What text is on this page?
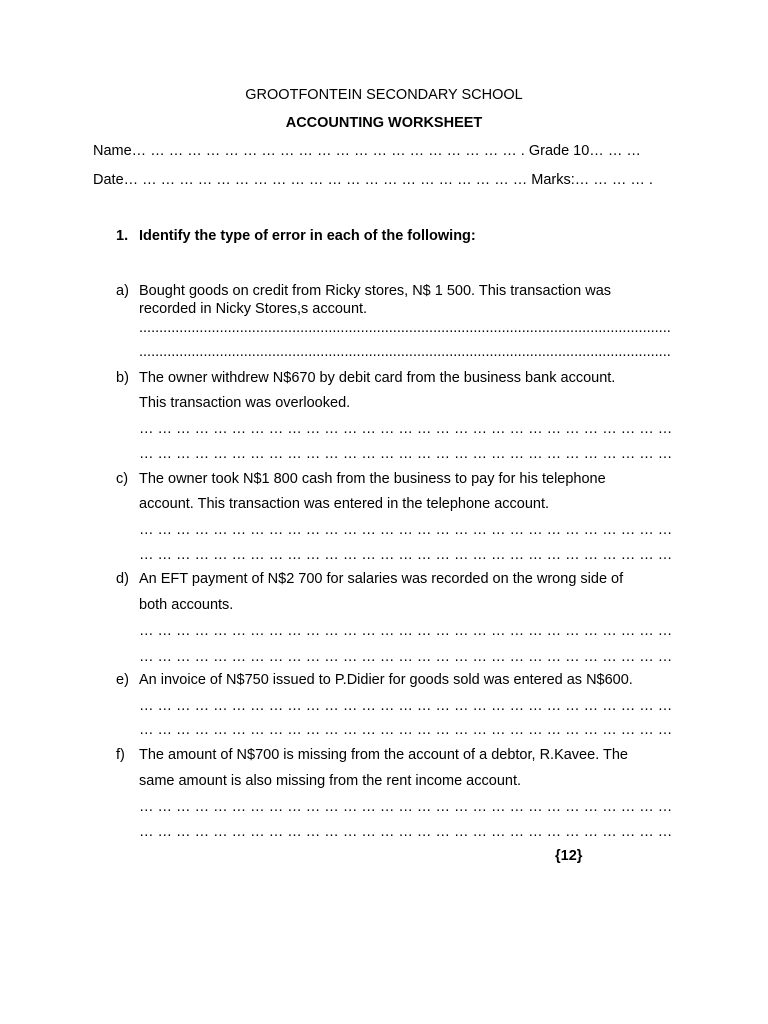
GROOTFONTEIN SECONDARY SCHOOL
ACCOUNTING WORKSHEET
Name… … … … … … … … … … … … … … … … … … … … … . Grade 10… … …
Date… … … … … … … … … … … … … … … … … … … … … … Marks:… … … … .
1. Identify the type of error in each of the following:
a) Bought goods on credit from Ricky stores, N$ 1 500. This transaction was
recorded in Nicky Stores,s account.
....................................................................................................................................
....................................................................................................................................
b) The owner withdrew N$670 by debit card from the business bank account.
This transaction was overlooked.
… … … … … … … … … … … … … … … … … … … … … … … … … … … … …
… … … … … … … … … … … … … … … … … … … … … … … … … … … … …
c) The owner took N$1 800 cash from the business to pay for his telephone
account. This transaction was entered in the telephone account.
… … … … … … … … … … … … … … … … … … … … … … … … … … … … …
… … … … … … … … … … … … … … … … … … … … … … … … … … … … …
d) An EFT payment of N$2 700 for salaries was recorded on the wrong side of
both accounts.
… … … … … … … … … … … … … … … … … … … … … … … … … … … … …
… … … … … … … … … … … … … … … … … … … … … … … … … … … … …
e) An invoice of N$750 issued to P.Didier for goods sold was entered as N$600.
… … … … … … … … … … … … … … … … … … … … … … … … … … … … …
… … … … … … … … … … … … … … … … … … … … … … … … … … … … …
f) The amount of N$700 is missing from the account of a debtor, R.Kavee. The
same amount is also missing from the rent income account.
… … … … … … … … … … … … … … … … … … … … … … … … … … … … …
… … … … … … … … … … … … … … … … … … … … … … … … … … … … …
{12}
